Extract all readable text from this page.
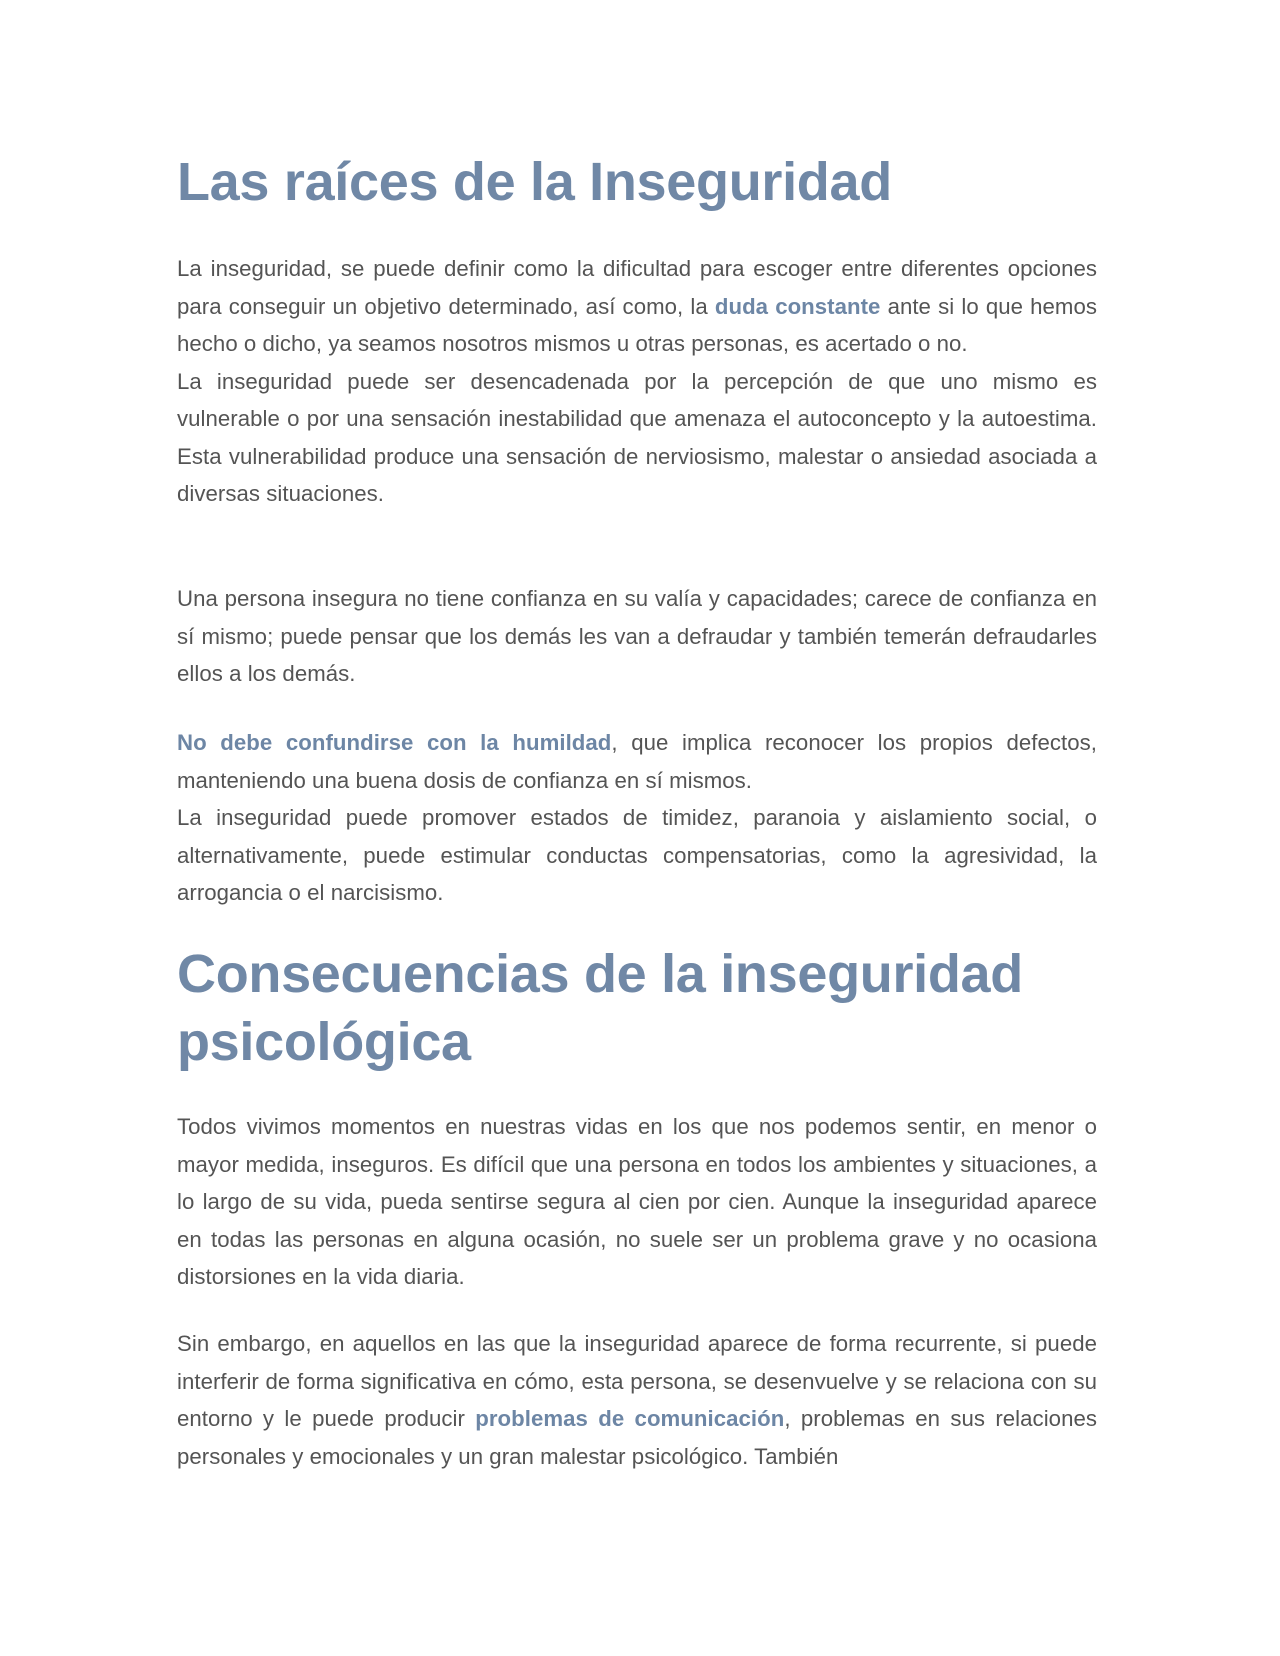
Las raíces de la Inseguridad

La inseguridad, se puede definir como la dificultad para escoger entre diferentes opciones para conseguir un objetivo determinado, así como, la duda constante ante si lo que hemos hecho o dicho, ya seamos nosotros mismos u otras personas, es acertado o no.

La inseguridad puede ser desencadenada por la percepción de que uno mismo es vulnerable o por una sensación inestabilidad que amenaza el autoconcepto y la autoestima. Esta vulnerabilidad produce una sensación de nerviosismo, malestar o ansiedad asociada a diversas situaciones.

Una persona insegura no tiene confianza en su valía y capacidades; carece de confianza en sí mismo; puede pensar que los demás les van a defraudar y también temerán defraudarles ellos a los demás.

No debe confundirse con la humildad, que implica reconocer los propios defectos, manteniendo una buena dosis de confianza en sí mismos.

La inseguridad puede promover estados de timidez, paranoia y aislamiento social, o alternativamente, puede estimular conductas compensatorias, como la agresividad, la arrogancia o el narcisismo.

Consecuencias de la inseguridad psicológica

Todos vivimos momentos en nuestras vidas en los que nos podemos sentir, en menor o mayor medida, inseguros. Es difícil que una persona en todos los ambientes y situaciones, a lo largo de su vida, pueda sentirse segura al cien por cien. Aunque la inseguridad aparece en todas las personas en alguna ocasión, no suele ser un problema grave y no ocasiona distorsiones en la vida diaria.

Sin embargo, en aquellos en las que la inseguridad aparece de forma recurrente, si puede interferir de forma significativa en cómo, esta persona, se desenvuelve y se relaciona con su entorno y le puede producir problemas de comunicación, problemas en sus relaciones personales y emocionales y un gran malestar psicológico. También
